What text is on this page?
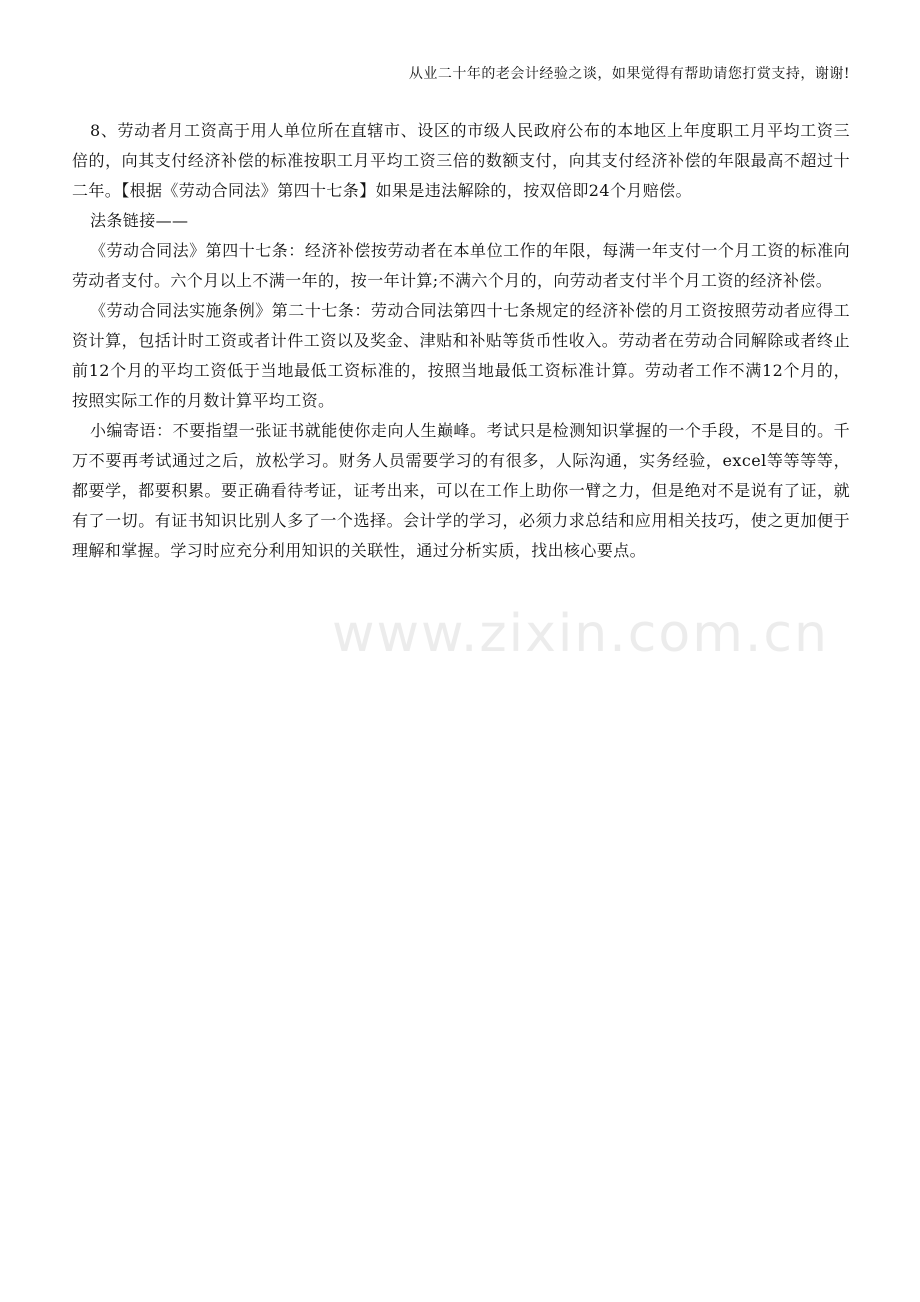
从业二十年的老会计经验之谈，如果觉得有帮助请您打赏支持，谢谢!

8、劳动者月工资高于用人单位所在直辖市、设区的市级人民政府公布的本地区上年度职工月平均工资三倍的，向其支付经济补偿的标准按职工月平均工资三倍的数额支付，向其支付经济补偿的年限最高不超过十二年。【根据《劳动合同法》第四十七条】如果是违法解除的，按双倍即24个月赔偿。

法条链接——

《劳动合同法》第四十七条：经济补偿按劳动者在本单位工作的年限，每满一年支付一个月工资的标准向劳动者支付。六个月以上不满一年的，按一年计算;不满六个月的，向劳动者支付半个月工资的经济补偿。

《劳动合同法实施条例》第二十七条：劳动合同法第四十七条规定的经济补偿的月工资按照劳动者应得工资计算，包括计时工资或者计件工资以及奖金、津贴和补贴等货币性收入。劳动者在劳动合同解除或者终止前12个月的平均工资低于当地最低工资标准的，按照当地最低工资标准计算。劳动者工作不满12个月的，按照实际工作的月数计算平均工资。

小编寄语：不要指望一张证书就能使你走向人生巅峰。考试只是检测知识掌握的一个手段，不是目的。千万不要再考试通过之后，放松学习。财务人员需要学习的有很多，人际沟通，实务经验，excel等等等等，都要学，都要积累。要正确看待考证，证考出来，可以在工作上助你一臂之力，但是绝对不是说有了证，就有了一切。有证书知识比别人多了一个选择。会计学的学习，必须力求总结和应用相关技巧，使之更加便于理解和掌握。学习时应充分利用知识的关联性，通过分析实质，找出核心要点。

www.zixin.com.cn
